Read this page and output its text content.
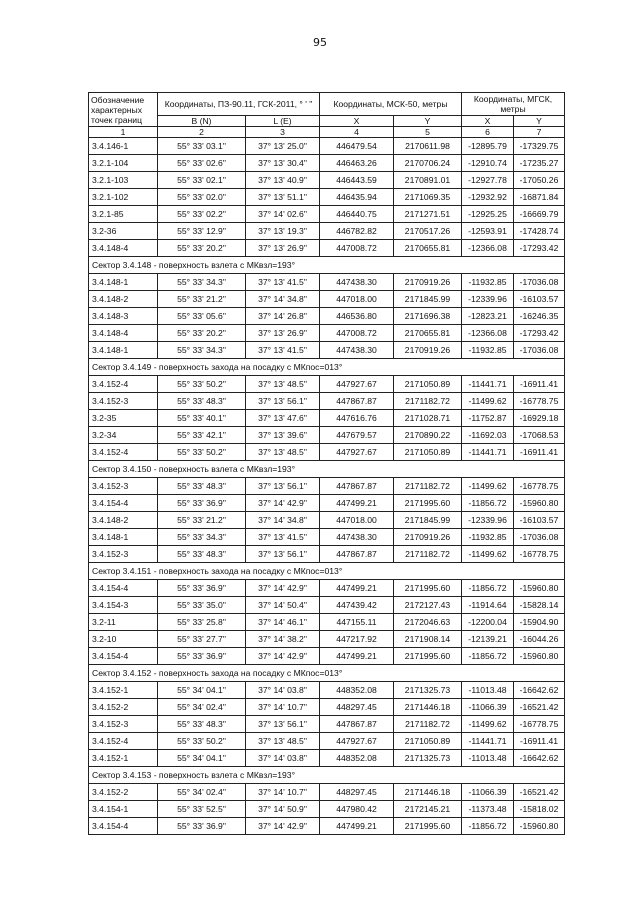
95
Обозначение характерных точек границ	Координаты, ПЗ-90.11, ГСК-2011, ° ' "		Координаты, МСК-50, метры		Координаты, МГСК, метры	
	B (N)	L (E)	X	Y	X	Y
1	2	3	4	5	6	7
3.4.146-1	55° 33' 03.1"	37° 13' 25.0"	446479.54	2170611.98	-12895.79	-17329.75
3.2.1-104	55° 33' 02.6"	37° 13' 30.4"	446463.26	2170706.24	-12910.74	-17235.27
3.2.1-103	55° 33' 02.1"	37° 13' 40.9"	446443.59	2170891.01	-12927.78	-17050.26
3.2.1-102	55° 33' 02.0"	37° 13' 51.1"	446435.94	2171069.35	-12932.92	-16871.84
3.2.1-85	55° 33' 02.2"	37° 14' 02.6"	446440.75	2171271.51	-12925.25	-16669.79
3.2-36	55° 33' 12.9"	37° 13' 19.3"	446782.82	2170517.26	-12593.91	-17428.74
3.4.148-4	55° 33' 20.2"	37° 13' 26.9"	447008.72	2170655.81	-12366.08	-17293.42
Сектор 3.4.148 - поверхность взлета с МКвзл=193°						
3.4.148-1	55° 33' 34.3"	37° 13' 41.5"	447438.30	2170919.26	-11932.85	-17036.08
3.4.148-2	55° 33' 21.2"	37° 14' 34.8"	447018.00	2171845.99	-12339.96	-16103.57
3.4.148-3	55° 33' 05.6"	37° 14' 26.8"	446536.80	2171696.38	-12823.21	-16246.35
3.4.148-4	55° 33' 20.2"	37° 13' 26.9"	447008.72	2170655.81	-12366.08	-17293.42
3.4.148-1	55° 33' 34.3"	37° 13' 41.5"	447438.30	2170919.26	-11932.85	-17036.08
Сектор 3.4.149 - поверхность захода на посадку с МКпос=013°						
3.4.152-4	55° 33' 50.2"	37° 13' 48.5"	447927.67	2171050.89	-11441.71	-16911.41
3.4.152-3	55° 33' 48.3"	37° 13' 56.1"	447867.87	2171182.72	-11499.62	-16778.75
3.2-35	55° 33' 40.1"	37° 13' 47.6"	447616.76	2171028.71	-11752.87	-16929.18
3.2-34	55° 33' 42.1"	37° 13' 39.6"	447679.57	2170890.22	-11692.03	-17068.53
3.4.152-4	55° 33' 50.2"	37° 13' 48.5"	447927.67	2171050.89	-11441.71	-16911.41
Сектор 3.4.150 - поверхность взлета с МКвзл=193°						
3.4.152-3	55° 33' 48.3"	37° 13' 56.1"	447867.87	2171182.72	-11499.62	-16778.75
3.4.154-4	55° 33' 36.9"	37° 14' 42.9"	447499.21	2171995.60	-11856.72	-15960.80
3.4.148-2	55° 33' 21.2"	37° 14' 34.8"	447018.00	2171845.99	-12339.96	-16103.57
3.4.148-1	55° 33' 34.3"	37° 13' 41.5"	447438.30	2170919.26	-11932.85	-17036.08
3.4.152-3	55° 33' 48.3"	37° 13' 56.1"	447867.87	2171182.72	-11499.62	-16778.75
Сектор 3.4.151 - поверхность захода на посадку с МКпос=013°						
3.4.154-4	55° 33' 36.9"	37° 14' 42.9"	447499.21	2171995.60	-11856.72	-15960.80
3.4.154-3	55° 33' 35.0"	37° 14' 50.4"	447439.42	2172127.43	-11914.64	-15828.14
3.2-11	55° 33' 25.8"	37° 14' 46.1"	447155.11	2172046.63	-12200.04	-15904.90
3.2-10	55° 33' 27.7"	37° 14' 38.2"	447217.92	2171908.14	-12139.21	-16044.26
3.4.154-4	55° 33' 36.9"	37° 14' 42.9"	447499.21	2171995.60	-11856.72	-15960.80
Сектор 3.4.152 - поверхность захода на посадку с МКпос=013°						
3.4.152-1	55° 34' 04.1"	37° 14' 03.8"	448352.08	2171325.73	-11013.48	-16642.62
3.4.152-2	55° 34' 02.4"	37° 14' 10.7"	448297.45	2171446.18	-11066.39	-16521.42
3.4.152-3	55° 33' 48.3"	37° 13' 56.1"	447867.87	2171182.72	-11499.62	-16778.75
3.4.152-4	55° 33' 50.2"	37° 13' 48.5"	447927.67	2171050.89	-11441.71	-16911.41
3.4.152-1	55° 34' 04.1"	37° 14' 03.8"	448352.08	2171325.73	-11013.48	-16642.62
Сектор 3.4.153 - поверхность взлета с МКвзл=193°						
3.4.152-2	55° 34' 02.4"	37° 14' 10.7"	448297.45	2171446.18	-11066.39	-16521.42
3.4.154-1	55° 33' 52.5"	37° 14' 50.9"	447980.42	2172145.21	-11373.48	-15818.02
3.4.154-4	55° 33' 36.9"	37° 14' 42.9"	447499.21	2171995.60	-11856.72	-15960.80
